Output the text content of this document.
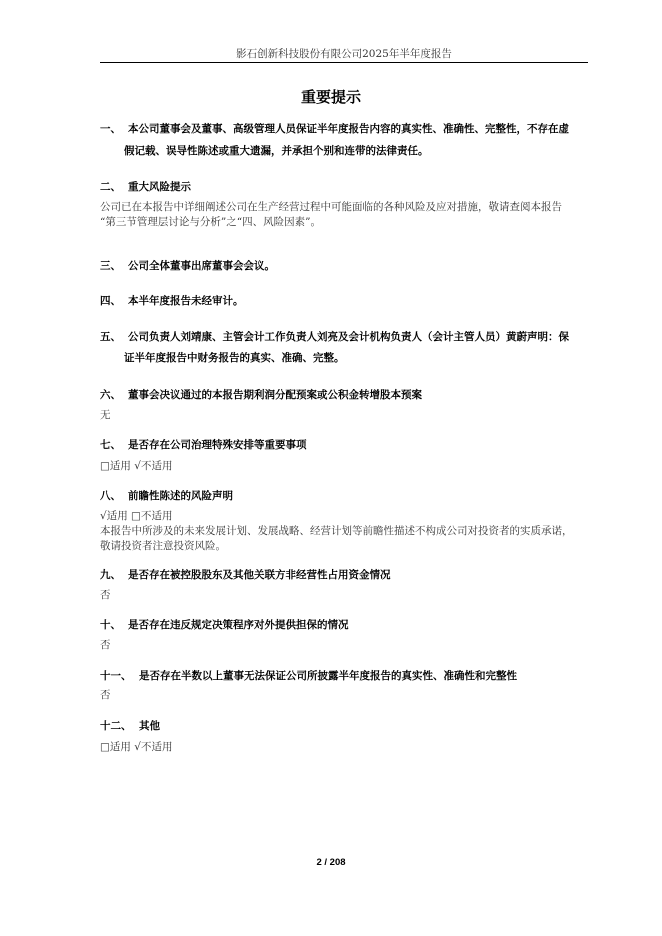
影石创新科技股份有限公司2025年半年度报告
重要提示
一、 本公司董事会及董事、高级管理人员保证半年度报告内容的真实性、准确性、完整性，不存在虚
假记载、误导性陈述或重大遗漏，并承担个别和连带的法律责任。
二、 重大风险提示
公司已在本报告中详细阐述公司在生产经营过程中可能面临的各种风险及应对措施，敬请查阅本报告
“第三节管理层讨论与分析”之“四、风险因素”。
三、 公司全体董事出席董事会会议。
四、 本半年度报告未经审计。
五、 公司负责人刘靖康、主管会计工作负责人刘亮及会计机构负责人（会计主管人员）黄蔚声明：保
证半年度报告中财务报告的真实、准确、完整。
六、 董事会决议通过的本报告期利润分配预案或公积金转增股本预案
无
七、 是否存在公司治理特殊安排等重要事项
□适用 √不适用
八、 前瞻性陈述的风险声明
√适用 □不适用
本报告中所涉及的未来发展计划、发展战略、经营计划等前瞻性描述不构成公司对投资者的实质承诺，
敬请投资者注意投资风险。
九、 是否存在被控股股东及其他关联方非经营性占用资金情况
否
十、 是否存在违反规定决策程序对外提供担保的情况
否
十一、 是否存在半数以上董事无法保证公司所披露半年度报告的真实性、准确性和完整性
否
十二、 其他
□适用 √不适用
2 / 208
